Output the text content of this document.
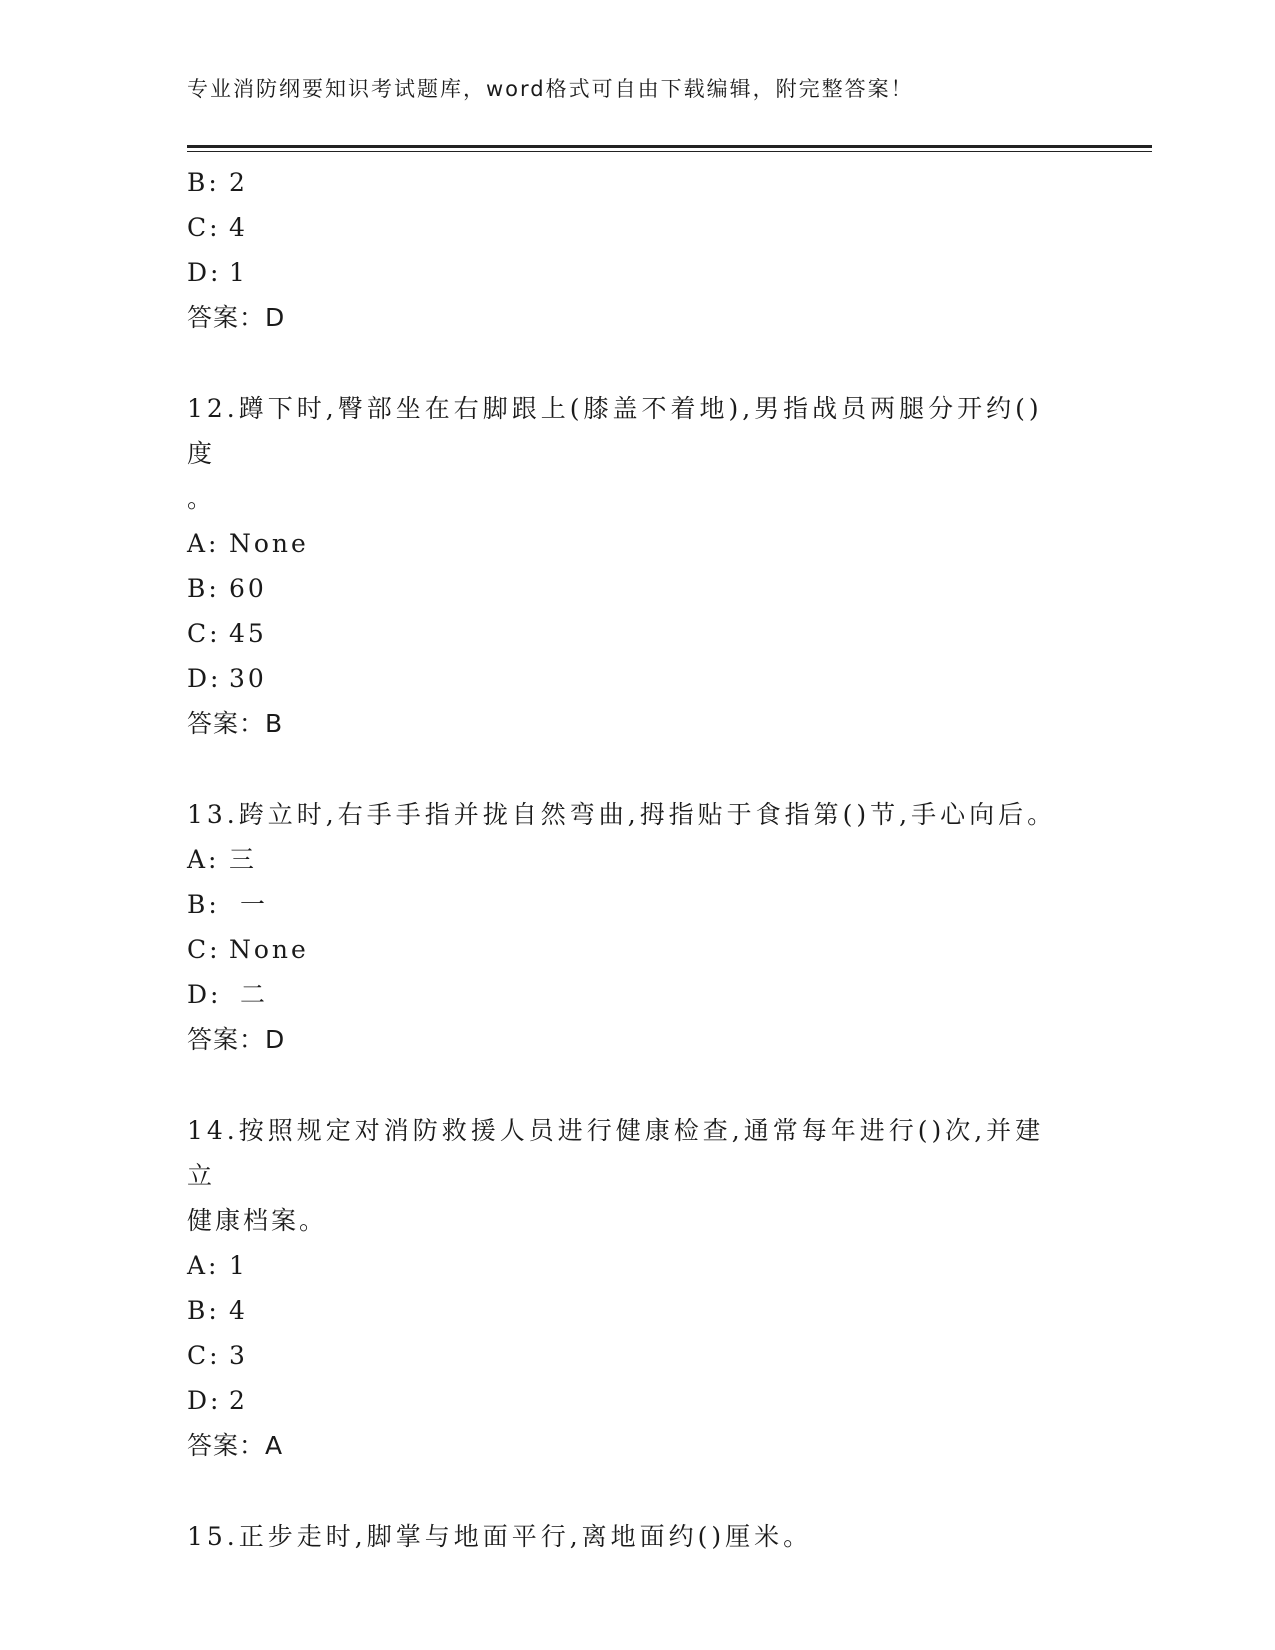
专业消防纲要知识考试题库，word格式可自由下载编辑，附完整答案！
B: 2
C: 4
D: 1
答案：D
12.蹲下时,臀部坐在右脚跟上(膝盖不着地),男指战员两腿分开约()度
。
A: None
B: 60
C: 45
D: 30
答案：B
13.跨立时,右手手指并拢自然弯曲,拇指贴于食指第()节,手心向后。
A: 三
B: 一
C: None
D: 二
答案：D
14.按照规定对消防救援人员进行健康检查,通常每年进行()次,并建立
健康档案。
A: 1
B: 4
C: 3
D: 2
答案：A
15.正步走时,脚掌与地面平行,离地面约()厘米。
